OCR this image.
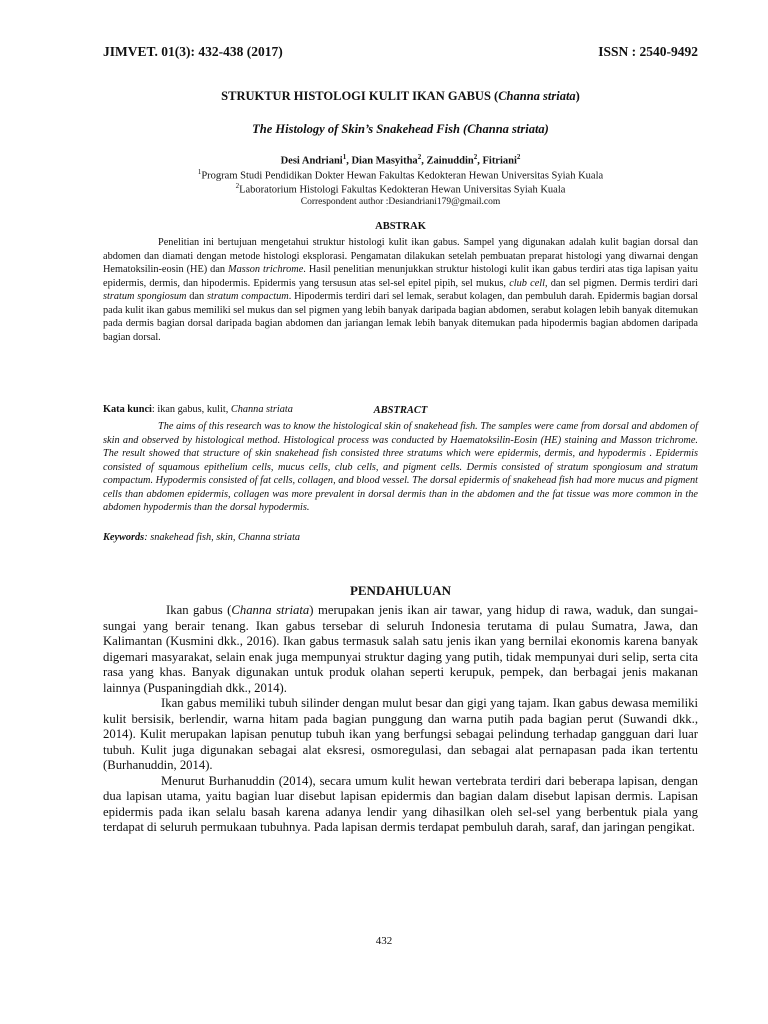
JIMVET. 01(3): 432-438 (2017)	ISSN : 2540-9492
STRUKTUR HISTOLOGI KULIT IKAN GABUS (Channa striata)
The Histology of Skin’s Snakehead Fish (Channa striata)
Desi Andriani$^1$, Dian Masyitha$^2$, Zainuddin$^2$, Fitriani$^2$
$^1$Program Studi Pendidikan Dokter Hewan Fakultas Kedokteran Hewan Universitas Syiah Kuala
$^2$Laboratorium Histologi Fakultas Kedokteran Hewan Universitas Syiah Kuala
Correspondent author :Desiandriani179@gmail.com
ABSTRAK
Penelitian ini bertujuan mengetahui struktur histologi kulit ikan gabus. Sampel yang digunakan adalah kulit bagian dorsal dan abdomen dan diamati dengan metode histologi eksplorasi. Pengamatan dilakukan setelah pembuatan preparat histologi yang diwarnai dengan Hematoksilin-eosin (HE) dan Masson trichrome. Hasil penelitian menunjukkan struktur histologi kulit ikan gabus terdiri atas tiga lapisan yaitu epidermis, dermis, dan hipodermis. Epidermis yang tersusun atas sel-sel epitel pipih, sel mukus, club cell, dan sel pigmen. Dermis terdiri dari stratum spongiosum dan stratum compactum. Hipodermis terdiri dari sel lemak, serabut kolagen, dan pembuluh darah. Epidermis bagian dorsal pada kulit ikan gabus memiliki sel mukus dan sel pigmen yang lebih banyak daripada bagian abdomen, serabut kolagen lebih banyak ditemukan pada dermis bagian dorsal daripada bagian abdomen dan jariangan lemak lebih banyak ditemukan pada hipodermis bagian abdomen daripada bagian dorsal.
Kata kunci: ikan gabus, kulit, Channa striata	ABSTRACT
The aims of this research was to know the histological skin of snakehead fish. The samples were came from dorsal and abdomen of skin and observed by histological method. Histological process was conducted by Haematoksilin-Eosin (HE) staining and Masson trichrome. The result showed that structure of skin snakehead fish consisted three stratums which were epidermis, dermis, and hypodermis . Epidermis consisted of squamous epithelium cells, mucus cells, club cells, and pigment cells. Dermis consisted of stratum spongiosum and stratum compactum. Hypodermis consisted of fat cells, collagen, and blood vessel. The dorsal epidermis of snakehead fish had more mucus and pigment cells than abdomen epidermis, collagen was more prevalent in dorsal dermis than in the abdomen and the fat tissue was more common in the abdomen hypodermis than the dorsal hypodermis.
Keywords: snakehead fish, skin, Channa striata
PENDAHULUAN

Ikan gabus (Channa striata) merupakan jenis ikan air tawar, yang hidup di rawa, waduk, dan sungai-sungai yang berair tenang. Ikan gabus tersebar di seluruh Indonesia terutama di pulau Sumatra, Jawa, dan Kalimantan (Kusmini dkk., 2016). Ikan gabus termasuk salah satu jenis ikan yang bernilai ekonomis karena banyak digemari masyarakat, selain enak juga mempunyai struktur daging yang putih, tidak mempunyai duri selip, serta cita rasa yang khas. Banyak digunakan untuk produk olahan seperti kerupuk, pempek, dan berbagai jenis makanan lainnya (Puspaningdiah dkk., 2014).

Ikan gabus memiliki tubuh silinder dengan mulut besar dan gigi yang tajam. Ikan gabus dewasa memiliki kulit bersisik, berlendir, warna hitam pada bagian punggung dan warna putih pada bagian perut (Suwandi dkk., 2014). Kulit merupakan lapisan penutup tubuh ikan yang berfungsi sebagai pelindung terhadap gangguan dari luar tubuh. Kulit juga digunakan sebagai alat eksresi, osmoregulasi, dan sebagai alat pernapasan pada ikan tertentu (Burhanuddin, 2014).

Menurut Burhanuddin (2014), secara umum kulit hewan vertebrata terdiri dari beberapa lapisan, dengan dua lapisan utama, yaitu bagian luar disebut lapisan epidermis dan bagian dalam disebut lapisan dermis. Lapisan epidermis pada ikan selalu basah karena adanya lendir yang dihasilkan oleh sel-sel yang berbentuk piala yang terdapat di seluruh permukaan tubuhnya. Pada lapisan dermis terdapat pembuluh darah, saraf, dan jaringan pengikat.

432
